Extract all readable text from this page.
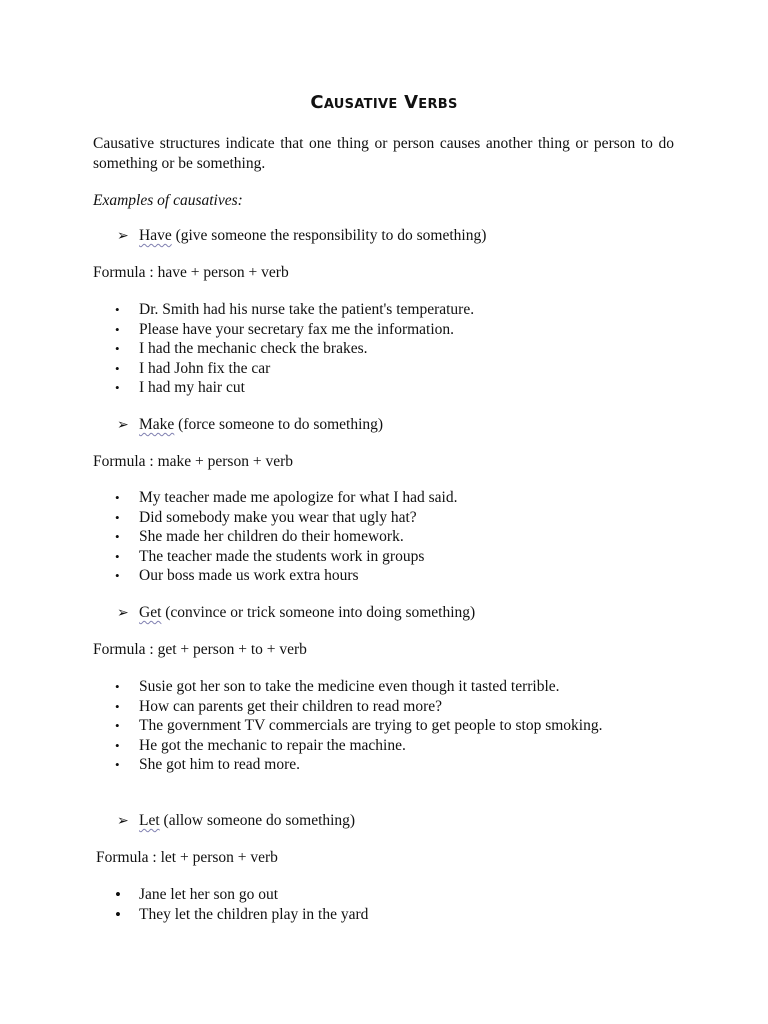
Causative Verbs

Causative structures indicate that one thing or person causes another thing or person to do something or be something.

Examples of causatives:

➢ Have (give someone the responsibility to do something)

Formula : have + person + verb

• Dr. Smith had his nurse take the patient's temperature.
• Please have your secretary fax me the information.
• I had the mechanic check the brakes.
• I had John fix the car
• I had my hair cut

➢ Make (force someone to do something)

Formula : make + person + verb

• My teacher made me apologize for what I had said.
• Did somebody make you wear that ugly hat?
• She made her children do their homework.
• The teacher made the students work in groups
• Our boss made us work extra hours

➢ Get (convince or trick someone into doing something)

Formula : get + person + to + verb

• Susie got her son to take the medicine even though it tasted terrible.
• How can parents get their children to read more?
• The government TV commercials are trying to get people to stop smoking.
• He got the mechanic to repair the machine.
• She got him to read more.

➢ Let (allow someone do something)

Formula : let + person + verb

• Jane let her son go out
• They let the children play in the yard
